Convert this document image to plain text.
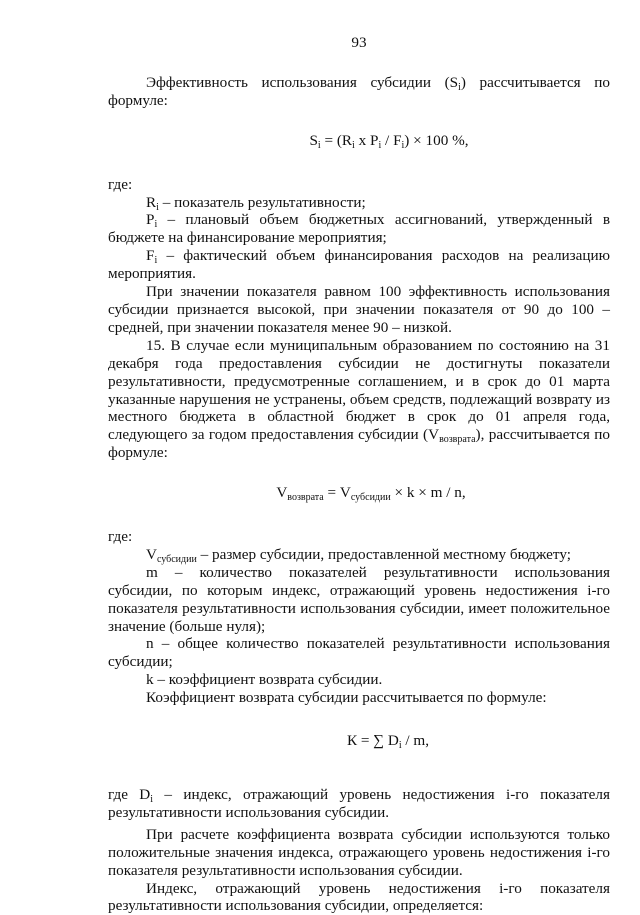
93

Эффективность использования субсидии (Si) рассчитывается по формуле:

Si = (Ri x Pi / Fi) × 100 %,

где:

Ri – показатель результативности;

Pi – плановый объем бюджетных ассигнований, утвержденный в бюджете на финансирование мероприятия;

Fi – фактический объем финансирования расходов на реализацию мероприятия.

При значении показателя равном 100 эффективность использования субсидии признается высокой, при значении показателя от 90 до 100 – средней, при значении показателя менее 90 – низкой.

15. В случае если муниципальным образованием по состоянию на 31 декабря года предоставления субсидии не достигнуты показатели результативности, предусмотренные соглашением, и в срок до 01 марта указанные нарушения не устранены, объем средств, подлежащий возврату из местного бюджета в областной бюджет в срок до 01 апреля года, следующего за годом предоставления субсидии (Vвозврата), рассчитывается по формуле:

Vвозврата = Vсубсидии × k × m / n,

где:

Vсубсидии – размер субсидии, предоставленной местному бюджету;

m – количество показателей результативности использования субсидии, по которым индекс, отражающий уровень недостижения i-го показателя результативности использования субсидии, имеет положительное значение (больше нуля);

n – общее количество показателей результативности использования субсидии;

k – коэффициент возврата субсидии.

Коэффициент возврата субсидии рассчитывается по формуле:

К = ∑ Di / m,

где Di – индекс, отражающий уровень недостижения i-го показателя результативности использования субсидии.

При расчете коэффициента возврата субсидии используются только положительные значения индекса, отражающего уровень недостижения i-го показателя результативности использования субсидии.

Индекс, отражающий уровень недостижения i-го показателя результативности использования субсидии, определяется:
